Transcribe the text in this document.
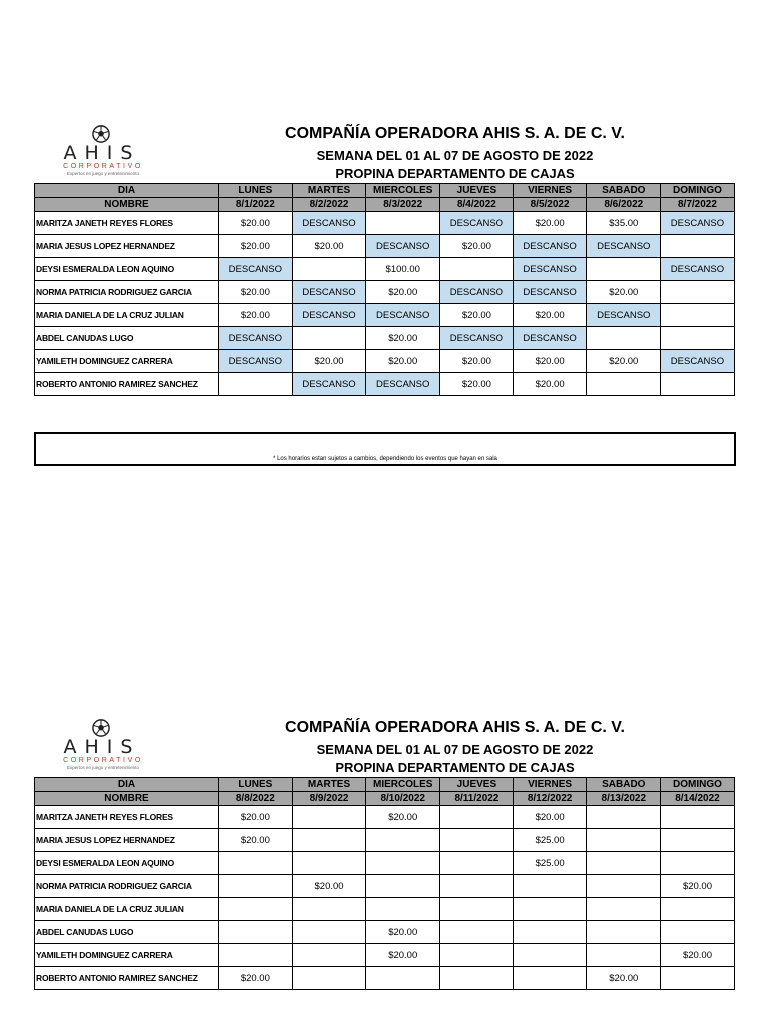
AHIS
CORPORATIVO
Expertos en juego y entretenimiento
COMPAÑÍA OPERADORA AHIS S. A. DE C. V.
SEMANA DEL 01 AL 07 DE AGOSTO DE 2022
PROPINA DEPARTAMENTO DE CAJAS
DIA	LUNES	MARTES	MIERCOLES	JUEVES	VIERNES	SABADO	DOMINGO
NOMBRE	8/1/2022	8/2/2022	8/3/2022	8/4/2022	8/5/2022	8/6/2022	8/7/2022
MARITZA JANETH REYES FLORES	$20.00	DESCANSO		DESCANSO	$20.00	$35.00	DESCANSO
MARIA JESUS LOPEZ HERNANDEZ	$20.00	$20.00	DESCANSO	$20.00	DESCANSO	DESCANSO	
DEYSI ESMERALDA LEON AQUINO	DESCANSO		$100.00		DESCANSO		DESCANSO
NORMA PATRICIA RODRIGUEZ GARCIA	$20.00	DESCANSO	$20.00	DESCANSO	DESCANSO	$20.00	
MARIA DANIELA DE LA CRUZ JULIAN	$20.00	DESCANSO	DESCANSO	$20.00	$20.00	DESCANSO	
ABDEL CANUDAS LUGO	DESCANSO		$20.00	DESCANSO	DESCANSO		
YAMILETH DOMINGUEZ CARRERA	DESCANSO	$20.00	$20.00	$20.00	$20.00	$20.00	DESCANSO
ROBERTO ANTONIO RAMIREZ SANCHEZ		DESCANSO	DESCANSO	$20.00	$20.00		
* Los horarios estan sujetos a cambios, dependiendo los eventos que hayan en sala
AHIS
CORPORATIVO
Expertos en juego y entretenimiento
COMPAÑÍA OPERADORA AHIS S. A. DE C. V.
SEMANA DEL 01 AL 07 DE AGOSTO DE 2022
PROPINA DEPARTAMENTO DE CAJAS
DIA	LUNES	MARTES	MIERCOLES	JUEVES	VIERNES	SABADO	DOMINGO
NOMBRE	8/8/2022	8/9/2022	8/10/2022	8/11/2022	8/12/2022	8/13/2022	8/14/2022
MARITZA JANETH REYES FLORES	$20.00		$20.00		$20.00		
MARIA JESUS LOPEZ HERNANDEZ	$20.00				$25.00		
DEYSI ESMERALDA LEON AQUINO					$25.00		
NORMA PATRICIA RODRIGUEZ GARCIA		$20.00					$20.00
MARIA DANIELA DE LA CRUZ JULIAN							
ABDEL CANUDAS LUGO			$20.00				
YAMILETH DOMINGUEZ CARRERA			$20.00				$20.00
ROBERTO ANTONIO RAMIREZ SANCHEZ	$20.00					$20.00	
